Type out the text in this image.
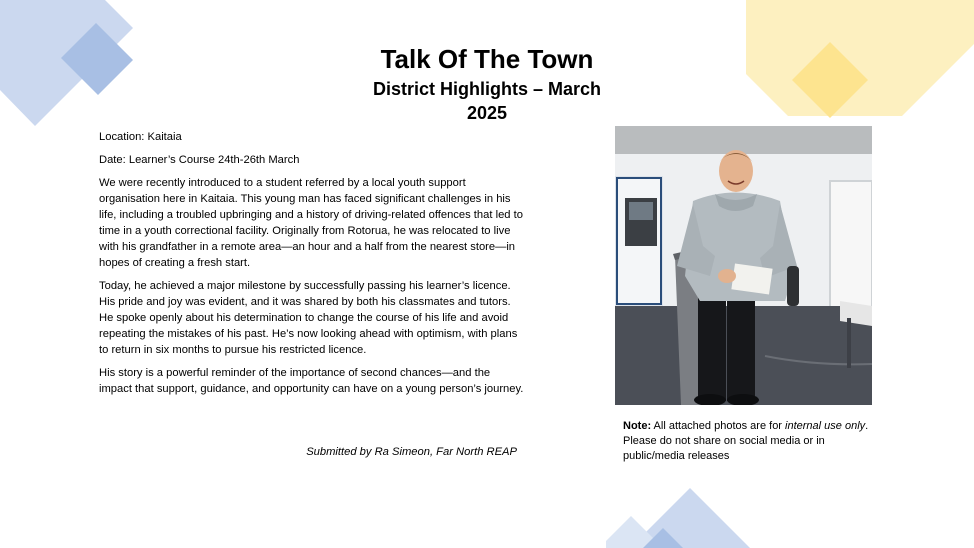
Talk Of The Town
District Highlights – March
2025

Location: Kaitaia

Date: Learner’s Course 24th-26th March

We were recently introduced to a student referred by a local youth support organisation here in Kaitaia. This young man has faced significant challenges in his life, including a troubled upbringing and a history of driving-related offences that led to time in a youth correctional facility. Originally from Rotorua, he was relocated to live with his grandfather in a remote area—an hour and a half from the nearest store—in hopes of creating a fresh start.

Today, he achieved a major milestone by successfully passing his learner’s licence. His pride and joy was evident, and it was shared by both his classmates and tutors. He spoke openly about his determination to change the course of his life and avoid repeating the mistakes of his past. He’s now looking ahead with optimism, with plans to return in six months to pursue his restricted licence.

His story is a powerful reminder of the importance of second chances—and the impact that support, guidance, and opportunity can have on a young person’s journey.

Submitted by Ra Simeon, Far North REAP
Note: All attached photos are for internal use only. Please do not share on social media or in public/media releases
